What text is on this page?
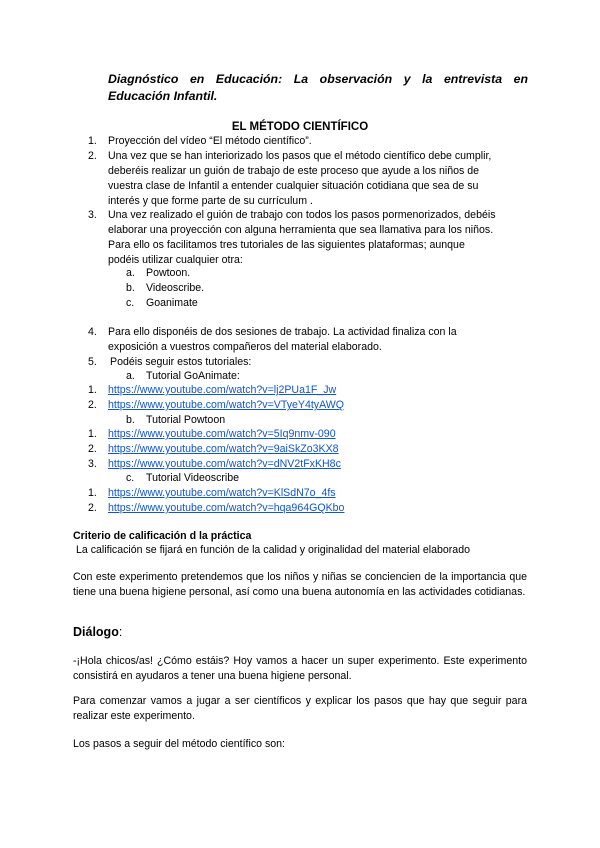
Diagnóstico en Educación: La observación y la entrevista en Educación Infantil.
EL MÉTODO CIENTÍFICO
1. Proyección del vídeo “El método científico”.
2. Una vez que se han interiorizado los pasos que el método científico debe cumplir,
deberéis realizar un guión de trabajo de este proceso que ayude a los niños de
vuestra clase de Infantil a entender cualquier situación cotidiana que sea de su
interés y que forme parte de su currículum .
3. Una vez realizado el guión de trabajo con todos los pasos pormenorizados, debéis
elaborar una proyección con alguna herramienta que sea llamativa para los niños.
Para ello os facilitamos tres tutoriales de las siguientes plataformas; aunque
podéis utilizar cualquier otra:
a. Powtoon.
b. Videoscribe.
c. Goanimate
4. Para ello disponéis de dos sesiones de trabajo. La actividad finaliza con la
exposición a vuestros compañeros del material elaborado.
5. Podéis seguir estos tutoriales:
a. Tutorial GoAnimate:
1. https://www.youtube.com/watch?v=lj2PUa1F_Jw
2. https://www.youtube.com/watch?v=VTyeY4tyAWQ
b. Tutorial Powtoon
1. https://www.youtube.com/watch?v=5Iq9nmv-090
2. https://www.youtube.com/watch?v=9aiSkZo3KX8
3. https://www.youtube.com/watch?v=dNV2tFxKH8c
c. Tutorial Videoscribe
1. https://www.youtube.com/watch?v=KlSdN7o_4fs
2. https://www.youtube.com/watch?v=hqa964GQKbo
Criterio de calificación d la práctica
La calificación se fijará en función de la calidad y originalidad del material elaborado
Con este experimento pretendemos que los niños y niñas se conciencien de la importancia que tiene una buena higiene personal, así como una buena autonomía en las actividades cotidianas.
Diálogo:
-¡Hola chicos/as! ¿Cómo estáis? Hoy vamos a hacer un super experimento. Este experimento consistirá en ayudaros a tener una buena higiene personal.
Para comenzar vamos a jugar a ser científicos y explicar los pasos que hay que seguir para realizar este experimento.
Los pasos a seguir del método científico son:
